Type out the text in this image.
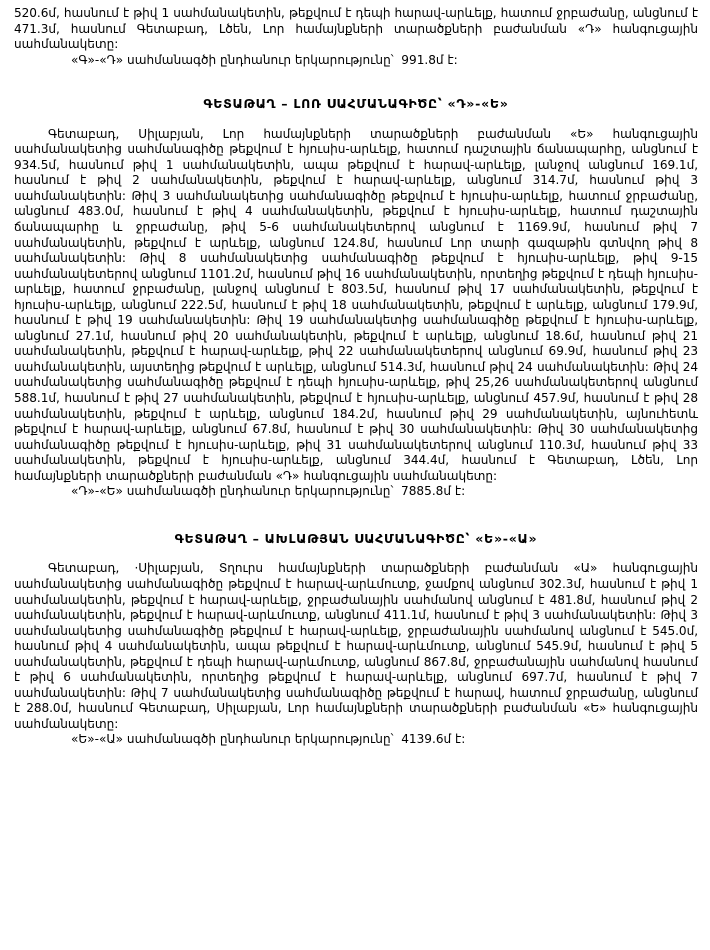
520.6մ, հասնում է թիվ 1 սահմանակետին, թեքվում է դեպի հարավ-արևելք, հատում ջրբաժանը, անցնում է 471.3մ, հասնում Գետաբադ, Լծեն, Լոր համայնքների տարածքների բաժանման «Դ» հանգուցային սահմանակետը:

«Գ»-«Դ» սահմանագծի ընդհանուր երկարությունը՝  991.8մ է:

ԳԵՏԱԹԱՂ – ԼՈՌ ՍԱՀՄԱՆԱԳԻԾԸ՝ «Դ»-«Ե»

Գետաբադ, Սիլաբյան, Լոր համայնքների տարածքների բաժանման «Ե» հանգուցային սահմանակետից սահմանագիծը թեքվում է հյուսիս-արևելք, հատում դաշտային ճանապարհը, անցնում է 934.5մ, հասնում թիվ 1 սահմանակետին, ապա թեքվում է հարավ-արևելք, լանջով անցնում 169.1մ, հասնում է թիվ 2 սահմանակետին, թեքվում է հարավ-արևելք, անցնում 314.7մ, հասնում թիվ 3 սահմանակետին: Թիվ 3 սահմանակետից սահմանագիծը թեքվում է հյուսիս-արևելք, հատում ջրբաժանը, անցնում 483.0մ, հասնում է թիվ 4 սահմանակետին, թեքվում է հյուսիս-արևելք, հատում դաշտային ճանապարհը և ջրբաժանը, թիվ 5-6 սահմանակետերով անցնում է 1169.9մ, հասնում թիվ 7 սահմանակետին, թեքվում է արևելք, անցնում 124.8մ, հասնում Լոր տարի գազաթին գտնվող թիվ 8 սահմանակետին: Թիվ 8 սահմանակետից սահմանագիծը թեքվում է հյուսիս-արևելք, թիվ 9-15 սահմանակետերով անցնում 1101.2մ, հասնում թիվ 16 սահմանակետին, որտեղից թեքվում է դեպի հյուսիս-արևելք, հատում ջրբաժանը, լանջով անցնում է 803.5մ, հասնում թիվ 17 սահմանակետին, թեքվում է հյուսիս-արևելք, անցնում 222.5մ, հասնում է թիվ 18 սահմանակետին, թեքվում է արևելք, անցնում 179.9մ, հասնում է թիվ 19 սահմանակետին: Թիվ 19 սահմանակետից սահմանագիծը թեքվում է հյուսիս-արևելք, անցնում 27.1մ, հասնում թիվ 20 սահմանակետին, թեքվում է արևելք, անցնում 18.6մ, հասնում թիվ 21 սահմանակետին, թեքվում է հարավ-արևելք, թիվ 22 սահմանակետերով անցնում 69.9մ, հասնում թիվ 23 սահմանակետին, այստեղից թեքվում է արևելք, անցնում 514.3մ, հասնում թիվ 24 սահմանակետին: Թիվ 24 սահմանակետից սահմանագիծը թեքվում է դեպի հյուսիս-արևելք, թիվ 25,26 սահմանակետերով անցնում 588.1մ, հասնում է թիվ 27 սահմանակետին, թեքվում է հյուսիս-արևելք, անցնում 457.9մ, հասնում է թիվ 28 սահմանակետին, թեքվում է արևելք, անցնում 184.2մ, հասնում թիվ 29 սահմանակետին, այնուհետև թեքվում է հարավ-արևելք, անցնում 67.8մ, հասնում է թիվ 30 սահմանակետին: Թիվ 30 սահմանակետից սահմանագիծը թեքվում է հյուսիս-արևելք, թիվ 31 սահմանակետերով անցնում 110.3մ, հասնում թիվ 33 սահմանակետին, թեքվում է հյուսիս-արևելք, անցնում 344.4մ, հասնում է Գետաբադ, Լծեն, Լոր համայնքների տարածքների բաժանման «Դ» հանգուցային սահմանակետը:

«Դ»-«Ե» սահմանագծի ընդհանուր երկարությունը՝  7885.8մ է:

ԳԵՏԱԹԱՂ – ԱԽԼԱԹՅԱՆ ՍԱՀՄԱՆԱԳԻԾԸ՝ «Ե»-«Ա»

Գետաբադ, ·Սիլաբյան, Տղուրս համայնքների տարածքների բաժանման «Ա» հանգուցային սահմանակետից սահմանագիծը թեքվում է հարավ-արևմուտք, ջամքով անցնում 302.3մ, հասնում է թիվ 1 սահմանակետին, թեքվում է հարավ-արևելք, ջրբաժանային սահմանով անցնում է 481.8մ, հասնում թիվ 2 սահմանակետին, թեքվում է հարավ-արևմուտք, անցնում 411.1մ, հասնում է թիվ 3 սահմանակետին: Թիվ 3 սահմանակետից սահմանագիծը թեքվում է հարավ-արևելք, ջրբաժանային սահմանով անցնում է 545.0մ, հասնում թիվ 4 սահմանակետին, ապա թեքվում է հարավ-արևմուտք, անցնում 545.9մ, հասնում է թիվ 5 սահմանակետին, թեքվում է դեպի հարավ-արևմուտք, անցնում 867.8մ, ջրբաժանային սահմանով հասնում է թիվ 6 սահմանակետին, որտեղից թեքվում է հարավ-արևելք, անցնում 697.7մ, հասնում է թիվ 7 սահմանակետին: Թիվ 7 սահմանակետից սահմանագիծը թեքվում է հարավ, հատում ջրբաժանը, անցնում է 288.0մ, հասնում Գետաբադ, Սիլաբյան, Լոր համայնքների տարածքների բաժանման «Ե» հանգուցային սահմանակետը:

«Ե»-«Ա» սահմանագծի ընդհանուր երկարությունը՝  4139.6մ է:
